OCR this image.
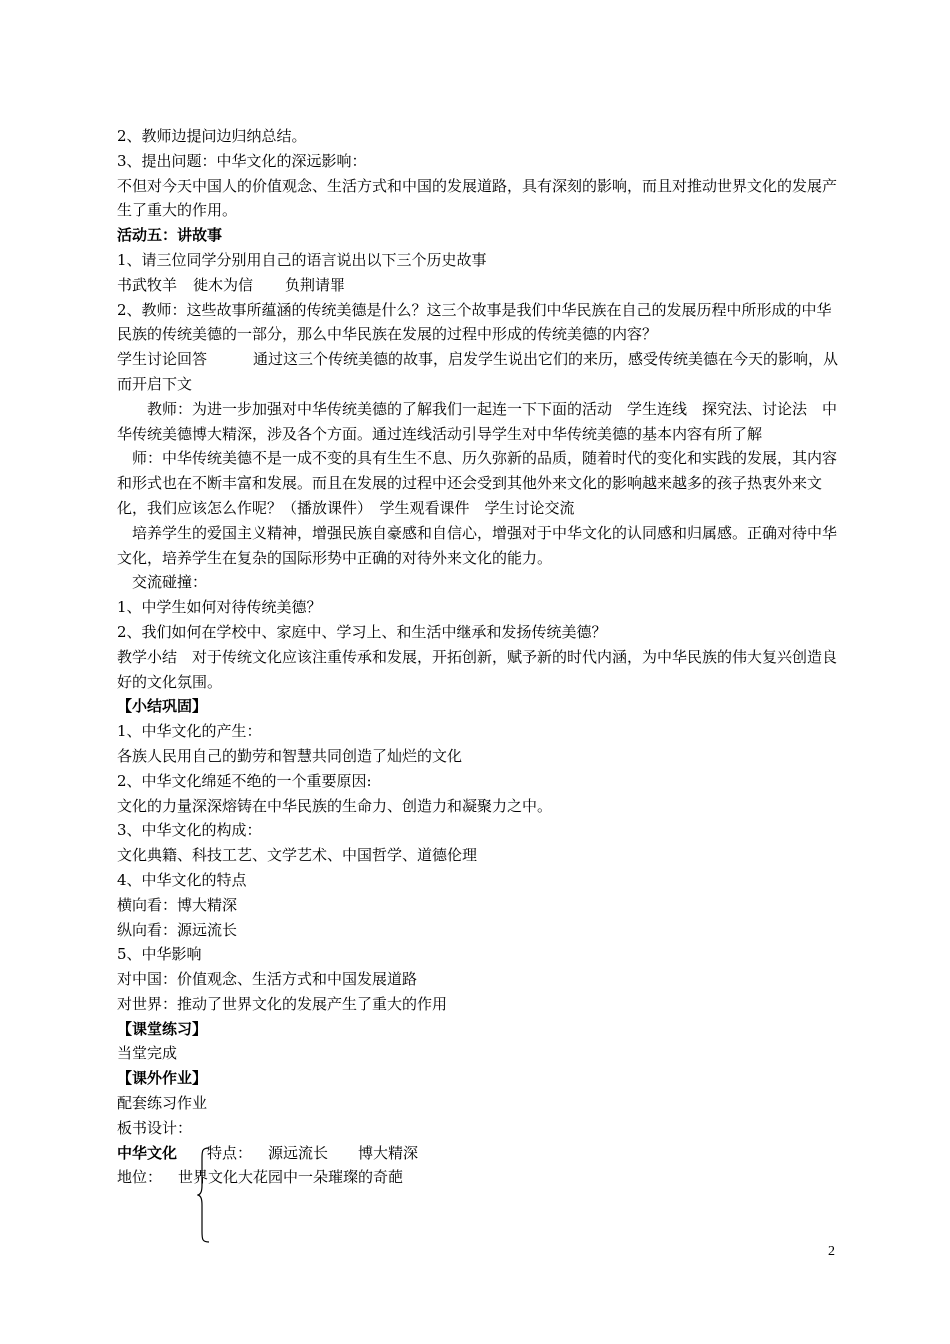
2、教师边提问边归纳总结。

3、提出问题：中华文化的深远影响：

不但对今天中国人的价值观念、生活方式和中国的发展道路，具有深刻的影响，而且对推动世界文化的发展产生了重大的作用。

活动五：讲故事

1、请三位同学分别用自己的语言说出以下三个历史故事

书武牧羊 徙木为信 负荆请罪

2、教师：这些故事所蕴涵的传统美德是什么？这三个故事是我们中华民族在自己的发展历程中所形成的中华民族的传统美德的一部分，那么中华民族在发展的过程中形成的传统美德的内容？

学生讨论回答	通过这三个传统美德的故事，启发学生说出它们的来历，感受传统美德在今天的影响，从而开启下文

教师：为进一步加强对中华传统美德的了解我们一起连一下下面的活动　学生连线　探究法、讨论法　中华传统美德博大精深，涉及各个方面。通过连线活动引导学生对中华传统美德的基本内容有所了解

师：中华传统美德不是一成不变的具有生生不息、历久弥新的品质，随着时代的变化和实践的发展，其内容和形式也在不断丰富和发展。而且在发展的过程中还会受到其他外来文化的影响越来越多的孩子热衷外来文化，我们应该怎么作呢？（播放课件）　学生观看课件　学生讨论交流

培养学生的爱国主义精神，增强民族自豪感和自信心，增强对于中华文化的认同感和归属感。正确对待中华文化，培养学生在复杂的国际形势中正确的对待外来文化的能力。

交流碰撞：

1、中学生如何对待传统美德？

2、我们如何在学校中、家庭中、学习上、和生活中继承和发扬传统美德？

教学小结　对于传统文化应该注重传承和发展，开拓创新，赋予新的时代内涵，为中华民族的伟大复兴创造良好的文化氛围。

【小结巩固】

1、中华文化的产生：

各族人民用自己的勤劳和智慧共同创造了灿烂的文化

2、中华文化绵延不绝的一个重要原因:

文化的力量深深熔铸在中华民族的生命力、创造力和凝聚力之中。

3、中华文化的构成：

文化典籍、科技工艺、文学艺术、中国哲学、道德伦理

4、中华文化的特点

横向看：博大精深

纵向看：源远流长

5、中华影响

对中国：价值观念、生活方式和中国发展道路

对世界：推动了世界文化的发展产生了重大的作用

【课堂练习】

当堂完成

【课外作业】

配套练习作业

板书设计：

中华文化 特点： 源远流长 博大精深

地位： 世界文化大花园中一朵璀璨的奇葩

2
